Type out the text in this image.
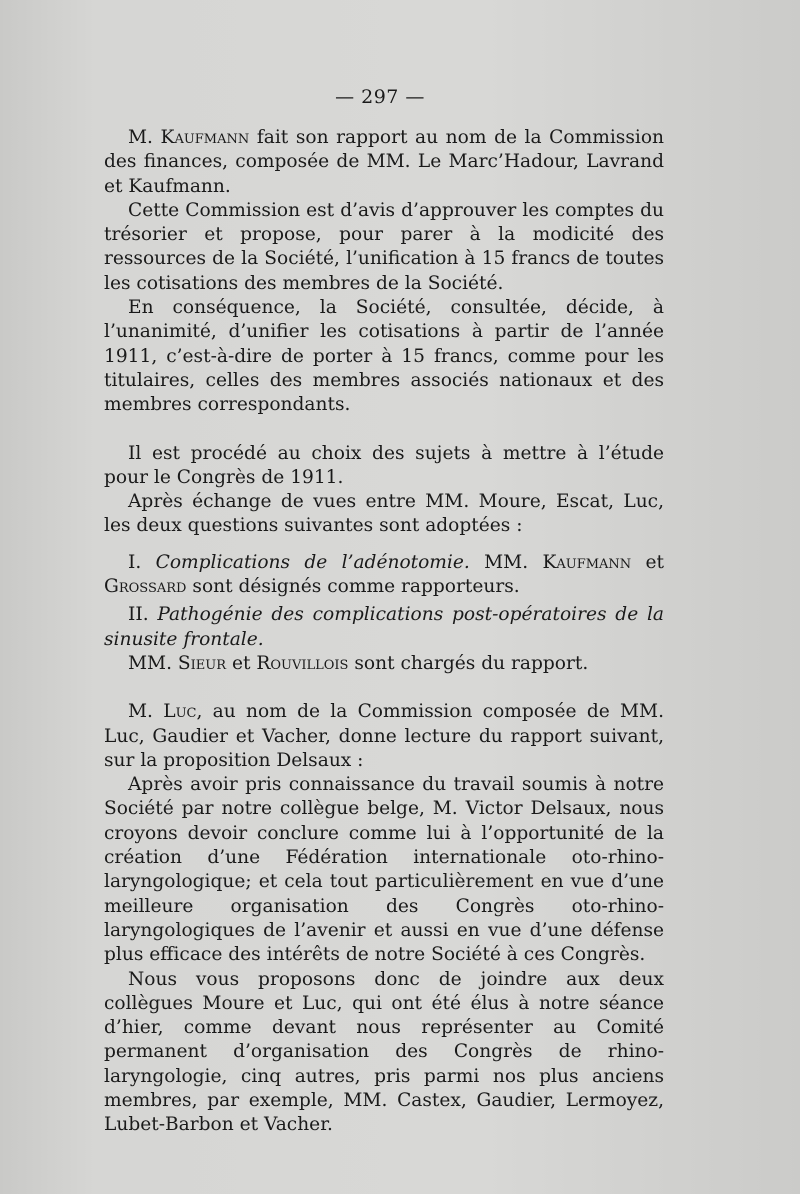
— 297 —

M. Kaufmann fait son rapport au nom de la Commission des finances, composée de MM. Le Marc’Hadour, Lavrand et Kaufmann.

Cette Commission est d’avis d’approuver les comptes du trésorier et propose, pour parer à la modicité des ressources de la Société, l’unification à 15 francs de toutes les cotisations des membres de la Société.

En conséquence, la Société, consultée, décide, à l’unanimité, d’unifier les cotisations à partir de l’année 1911, c’est-à-dire de porter à 15 francs, comme pour les titulaires, celles des membres associés nationaux et des membres correspondants.

Il est procédé au choix des sujets à mettre à l’étude pour le Congrès de 1911.

Après échange de vues entre MM. Moure, Escat, Luc, les deux questions suivantes sont adoptées :

I. Complications de l’adénotomie. MM. Kaufmann et Grossard sont désignés comme rapporteurs.

II. Pathogénie des complications post-opératoires de la sinusite frontale.

MM. Sieur et Rouvillois sont chargés du rapport.

M. Luc, au nom de la Commission composée de MM. Luc, Gaudier et Vacher, donne lecture du rapport suivant, sur la proposition Delsaux :

Après avoir pris connaissance du travail soumis à notre Société par notre collègue belge, M. Victor Delsaux, nous croyons devoir conclure comme lui à l’opportunité de la création d’une Fédération internationale oto-rhino-laryngologique; et cela tout particulièrement en vue d’une meilleure organisation des Congrès oto-rhino-laryngologiques de l’avenir et aussi en vue d’une défense plus efficace des intérêts de notre Société à ces Congrès.

Nous vous proposons donc de joindre aux deux collègues Moure et Luc, qui ont été élus à notre séance d’hier, comme devant nous représenter au Comité permanent d’organisation des Congrès de rhino-laryngologie, cinq autres, pris parmi nos plus anciens membres, par exemple, MM. Castex, Gaudier, Lermoyez, Lubet-Barbon et Vacher.
